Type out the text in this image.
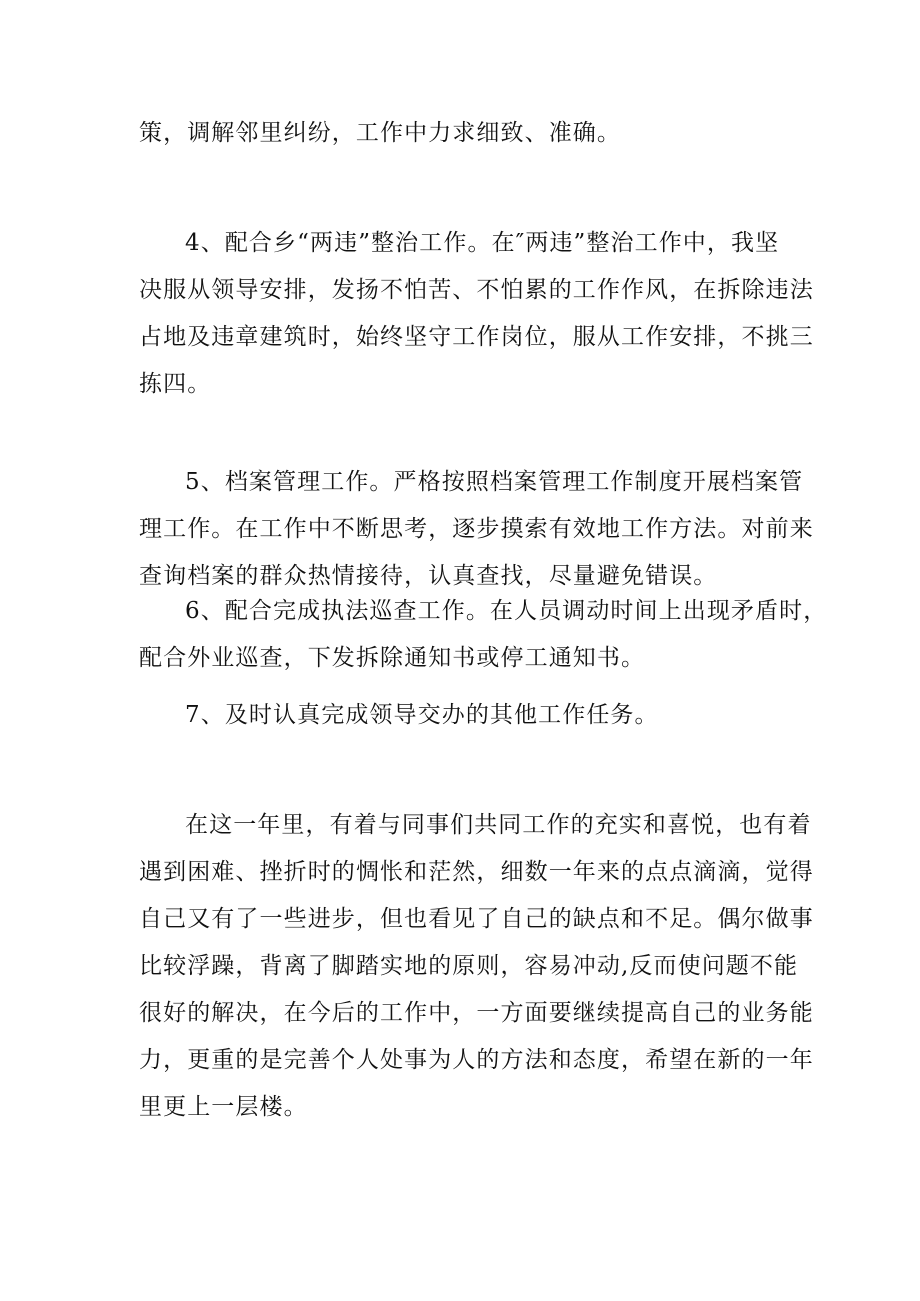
策，调解邻里纠纷，工作中力求细致、准确。

4、配合乡“两违”整治工作。在″两违”整治工作中，我坚
决服从领导安排，发扬不怕苦、不怕累的工作作风，在拆除违法
占地及违章建筑时，始终坚守工作岗位，服从工作安排，不挑三
拣四。

5、档案管理工作。严格按照档案管理工作制度开展档案管
理工作。在工作中不断思考，逐步摸索有效地工作方法。对前来
查询档案的群众热情接待，认真查找，尽量避免错误。

6、配合完成执法巡查工作。在人员调动时间上出现矛盾时，
配合外业巡查，下发拆除通知书或停工通知书。

7、及时认真完成领导交办的其他工作任务。

在这一年里，有着与同事们共同工作的充实和喜悦，也有着
遇到困难、挫折时的惆怅和茫然，细数一年来的点点滴滴，觉得
自己又有了一些进步，但也看见了自己的缺点和不足。偶尔做事
比较浮躁，背离了脚踏实地的原则，容易冲动,反而使问题不能
很好的解决，在今后的工作中，一方面要继续提高自己的业务能
力，更重的是完善个人处事为人的方法和态度，希望在新的一年
里更上一层楼。
